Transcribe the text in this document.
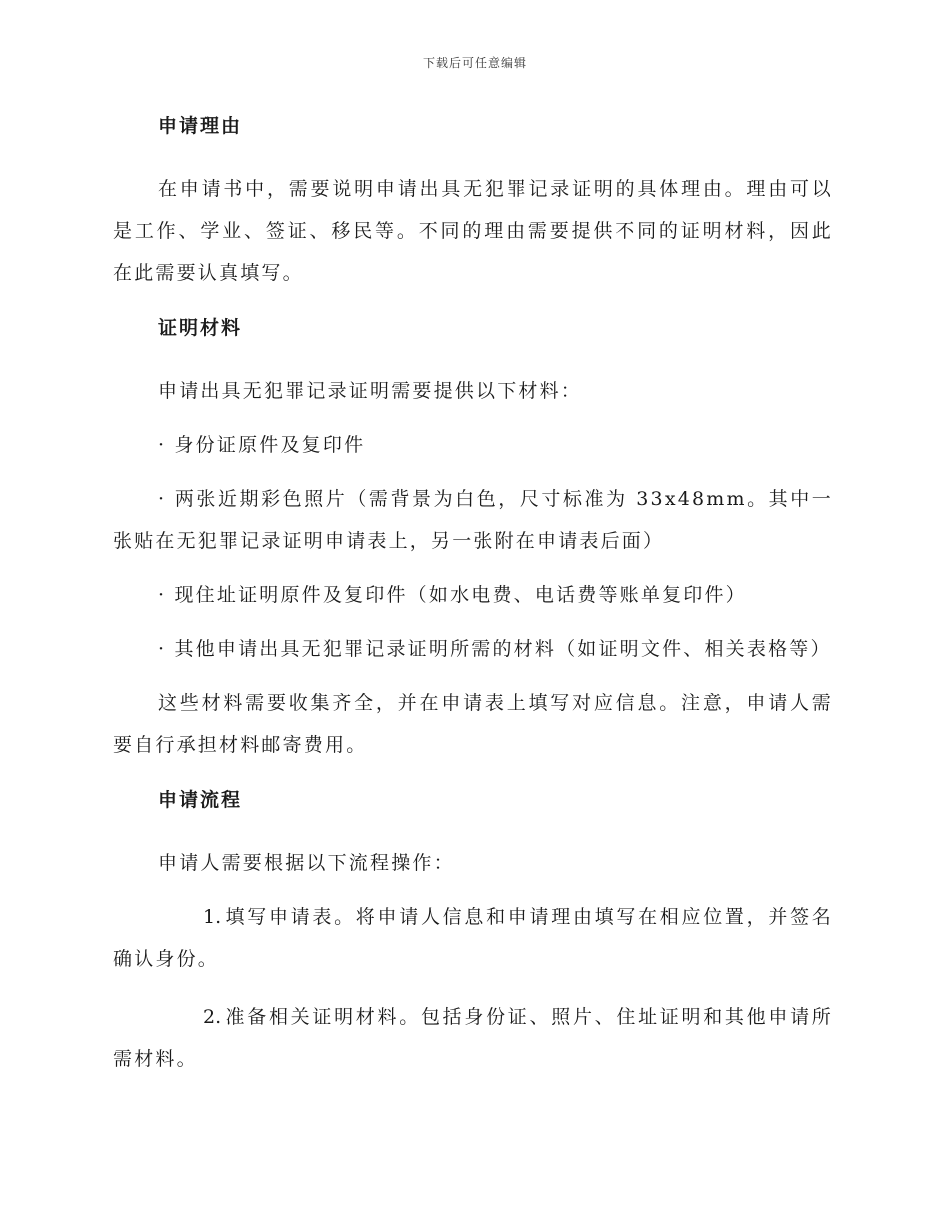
下载后可任意编辑
申请理由

在申请书中，需要说明申请出具无犯罪记录证明的具体理由。理由可以是工作、学业、签证、移民等。不同的理由需要提供不同的证明材料，因此在此需要认真填写。

证明材料

申请出具无犯罪记录证明需要提供以下材料：

· 身份证原件及复印件

· 两张近期彩色照片（需背景为白色，尺寸标准为 33x48mm。其中一张贴在无犯罪记录证明申请表上，另一张附在申请表后面）

· 现住址证明原件及复印件（如水电费、电话费等账单复印件）

· 其他申请出具无犯罪记录证明所需的材料（如证明文件、相关表格等）

这些材料需要收集齐全，并在申请表上填写对应信息。注意，申请人需要自行承担材料邮寄费用。

申请流程

申请人需要根据以下流程操作：

1. 填写申请表。将申请人信息和申请理由填写在相应位置，并签名确认身份。

2. 准备相关证明材料。包括身份证、照片、住址证明和其他申请所需材料。
